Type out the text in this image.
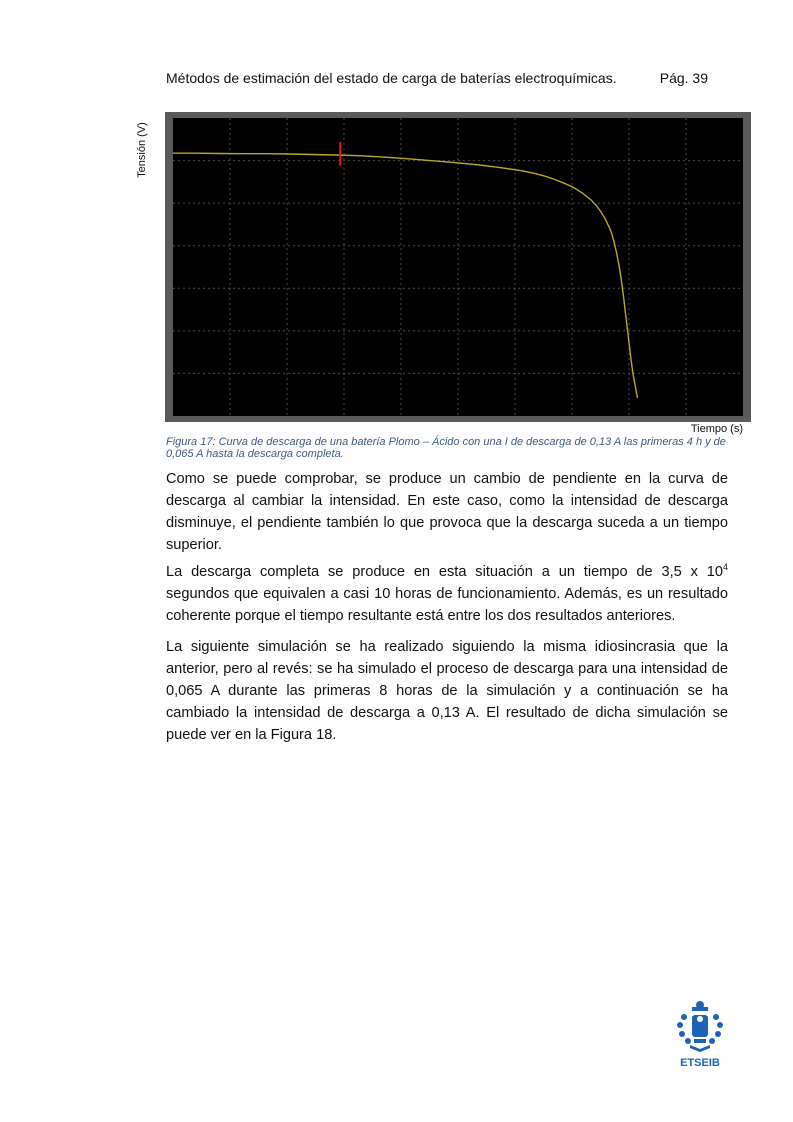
Métodos de estimación del estado de carga de baterías electroquímicas.	Pág. 39
Tensión (V)
Tiempo (s)
Figura 17: Curva de descarga de una batería Plomo – Ácido con una I de descarga de 0,13 A las primeras 4 h y de 0,065 A hasta la descarga completa.

Como se puede comprobar, se produce un cambio de pendiente en la curva de descarga al cambiar la intensidad. En este caso, como la intensidad de descarga disminuye, el pendiente también lo que provoca que la descarga suceda a un tiempo superior.

La descarga completa se produce en esta situación a un tiempo de 3,5 x $10^4$ segundos que equivalen a casi 10 horas de funcionamiento. Además, es un resultado coherente porque el tiempo resultante está entre los dos resultados anteriores.

La siguiente simulación se ha realizado siguiendo la misma idiosincrasia que la anterior, pero al revés: se ha simulado el proceso de descarga para una intensidad de 0,065 A durante las primeras 8 horas de la simulación y a continuación se ha cambiado la intensidad de descarga a 0,13 A. El resultado de dicha simulación se puede ver en la Figura 18.

ETSEIB
